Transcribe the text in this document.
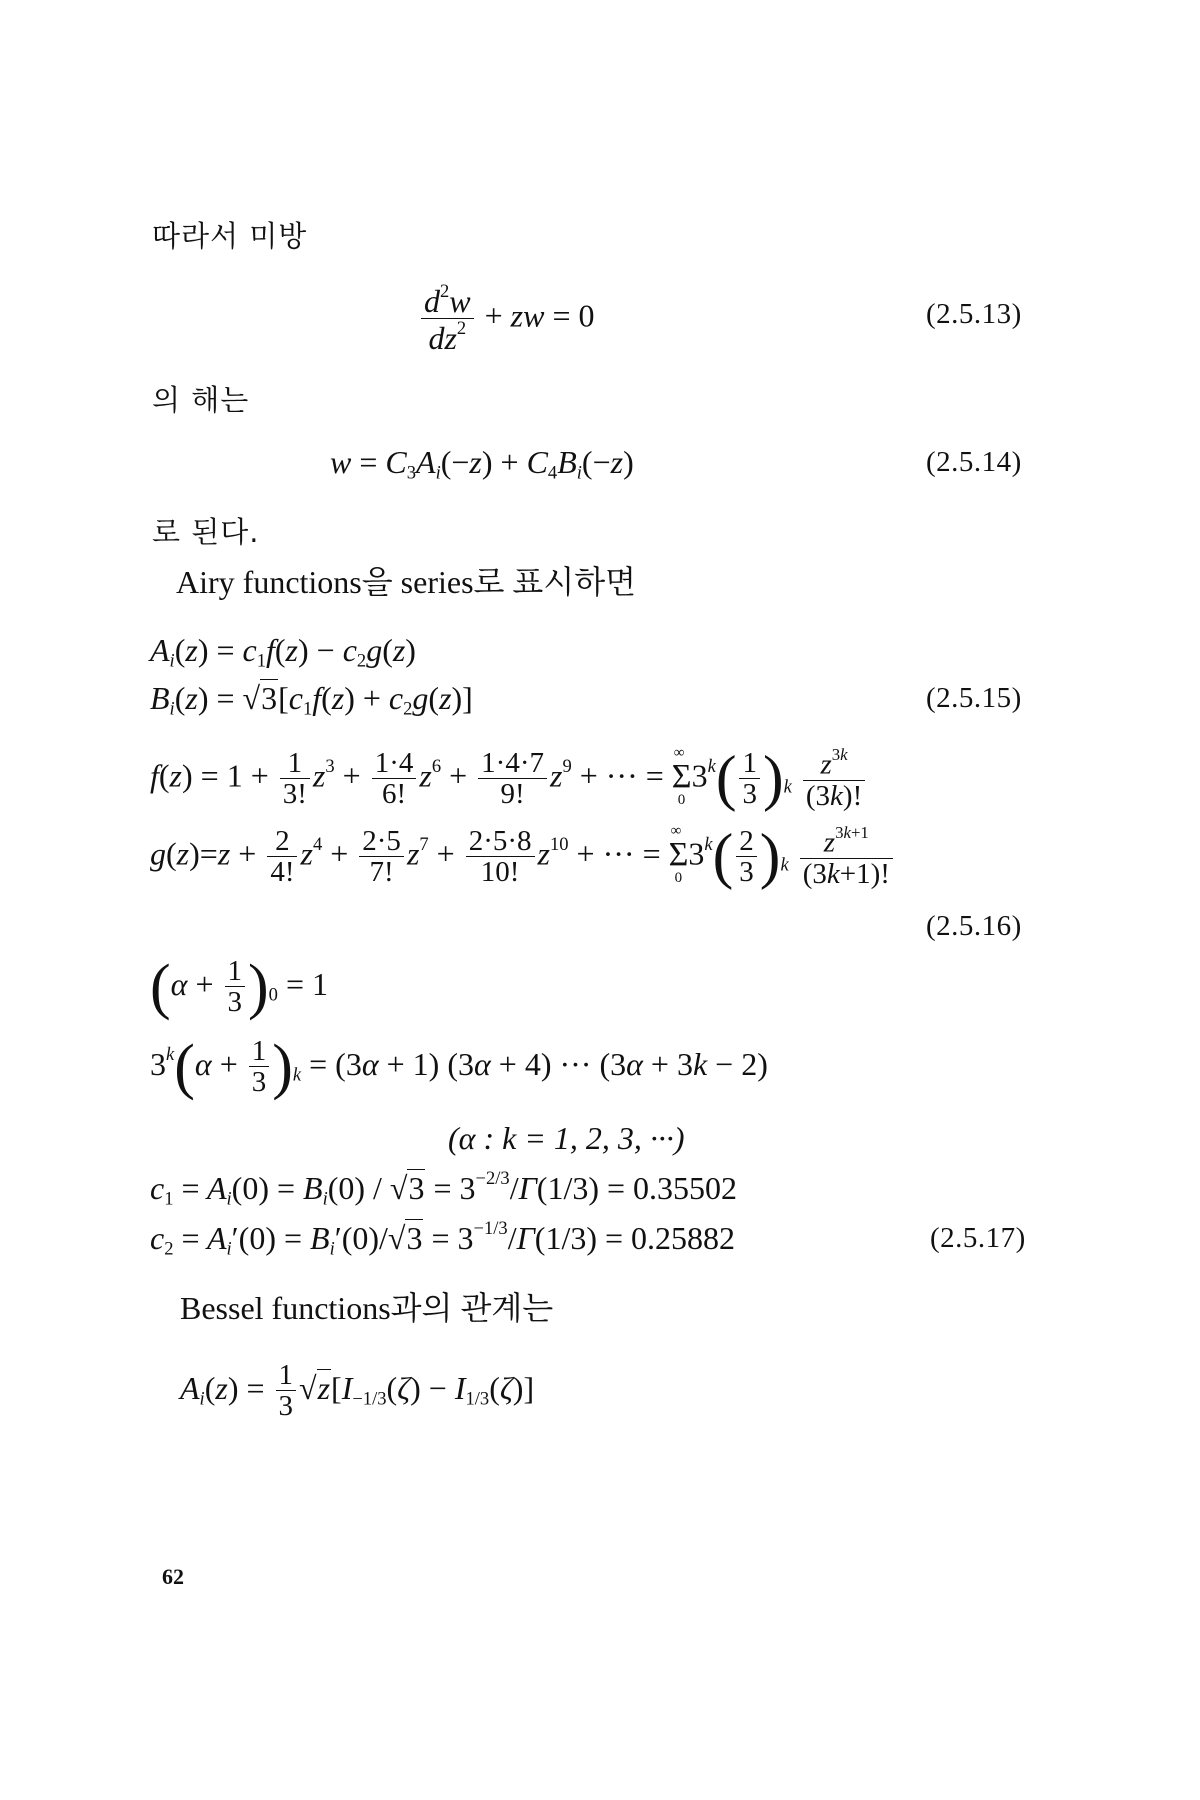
따라서 미방
$\frac{d^2w}{dz^2}$ + zw = 0	(2.5.13)
의 해는
$w = C_3A_i(-z) + C_4B_i(-z)$	(2.5.14)
로 된다.
Airy functions을 series로 표시하면
$A_i(z) = c_1f(z) - c_2g(z)$
$B_i(z) = √3[c_1f(z) + c_2g(z)]$	(2.5.15)
$f(z) = 1 + \frac{1}{3!} z^3 + \frac{1\cdot 4}{6!} z^6 + \frac{1\cdot 4\cdot 7}{9!} z^9$ + ··· =
∞
Σ
0
$3^k( \frac{1}{3} )_k \frac{z^{3k}}{(3k)!}$
$g(z)=z + \frac{2}{4!} z^4 + \frac{2\cdot 5}{7!} z^7 + \frac{2\cdot 5\cdot 8}{10!} z^{10}$ + ··· =
∞
Σ
0
$3^k( \frac{2}{3} )_k \frac{z^{3k+1}}{(3k+1)!}$
(2.5.16)
$(\alpha + \frac{1}{3} )_0 = 1$
$3^k(\alpha + \frac{1}{3} )_k = (3\alpha + 1) (3\alpha + 4)$ ··· (3α + 3k − 2)
(α : k = 1, 2, 3, ···)
$c_1 = A_i(0) = B_i(0) / √3 = 3^{-2/3}/\Gamma(1/3) = 0.35502$
$c_2 = A_i'(0) = B_i'(0)/√3 = 3^{-1/3}/\Gamma(1/3) = 0.25882$	(2.5.17)
Bessel functions과의 관계는
$A_i(z) = \frac{1}{3} √z[I_{-1/3}(\zeta) - I_{1/3}(\zeta)]$
62
